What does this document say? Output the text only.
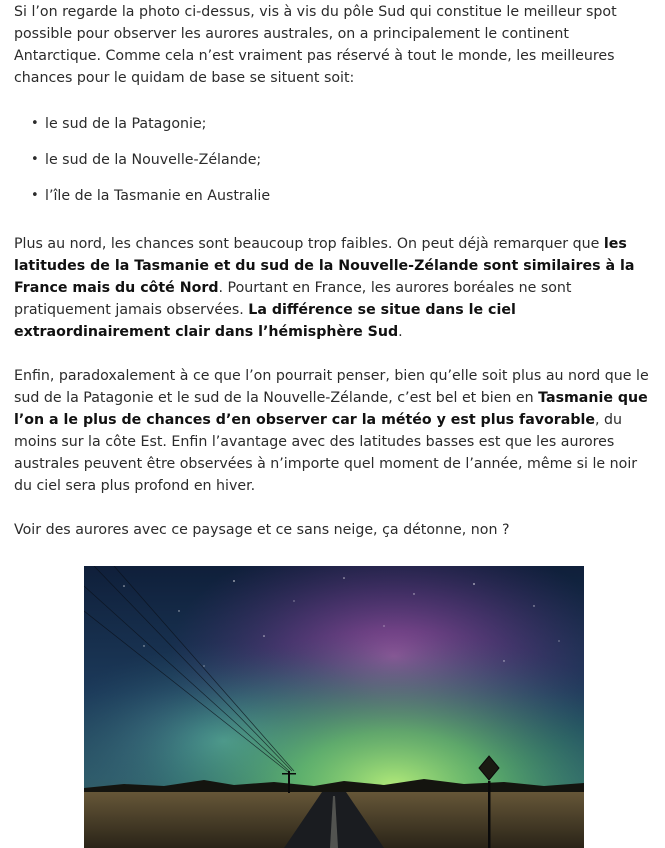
Si l’on regarde la photo ci-dessus, vis à vis du pôle Sud qui constitue le meilleur spot possible pour observer les aurores australes, on a principalement le continent Antarctique. Comme cela n’est vraiment pas réservé à tout le monde, les meilleures chances pour le quidam de base se situent soit:

• le sud de la Patagonie;
• le sud de la Nouvelle-Zélande;
• l’île de la Tasmanie en Australie

Plus au nord, les chances sont beaucoup trop faibles. On peut déjà remarquer que les latitudes de la Tasmanie et du sud de la Nouvelle-Zélande sont similaires à la France mais du côté Nord. Pourtant en France, les aurores boréales ne sont pratiquement jamais observées. La différence se situe dans le ciel extraordinairement clair dans l’hémisphère Sud.

Enfin, paradoxalement à ce que l’on pourrait penser, bien qu’elle soit plus au nord que le sud de la Patagonie et le sud de la Nouvelle-Zélande, c’est bel et bien en Tasmanie que l’on a le plus de chances d’en observer car la météo y est plus favorable, du moins sur la côte Est. Enfin l’avantage avec des latitudes basses est que les aurores australes peuvent être observées à n’importe quel moment de l’année, même si le noir du ciel sera plus profond en hiver.

Voir des aurores avec ce paysage et ce sans neige, ça détonne, non ?
